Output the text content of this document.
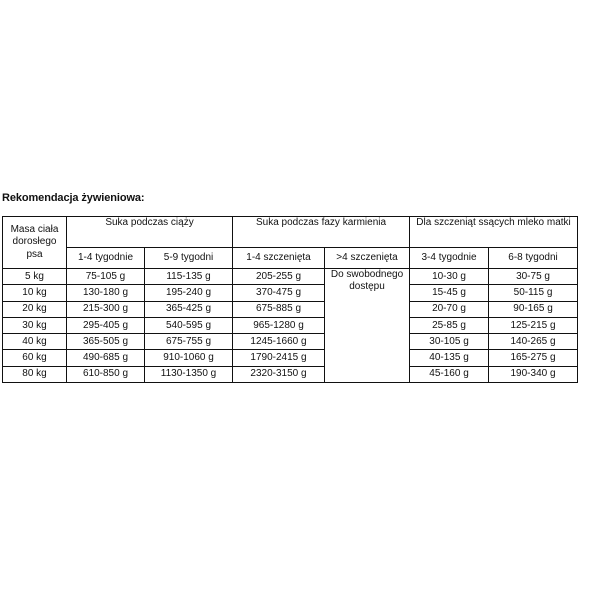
Rekomendacja żywieniowa:
Masa ciała dorosłego psa	Suka podczas ciąży		Suka podczas fazy karmienia		Dla szczeniąt ssących mleko matki	
	1-4 tygodnie	5-9 tygodni	1-4 szczenięta	>4 szczenięta	3-4 tygodnie	6-8 tygodni
5 kg	75-105 g	115-135 g	205-255 g	Do swobodnego dostępu	10-30 g	30-75 g
10 kg	130-180 g	195-240 g	370-475 g		15-45 g	50-115 g
20 kg	215-300 g	365-425 g	675-885 g		20-70 g	90-165 g
30 kg	295-405 g	540-595 g	965-1280 g		25-85 g	125-215 g
40 kg	365-505 g	675-755 g	1245-1660 g		30-105 g	140-265 g
60 kg	490-685 g	910-1060 g	1790-2415 g		40-135 g	165-275 g
80 kg	610-850 g	1130-1350 g	2320-3150 g		45-160 g	190-340 g
